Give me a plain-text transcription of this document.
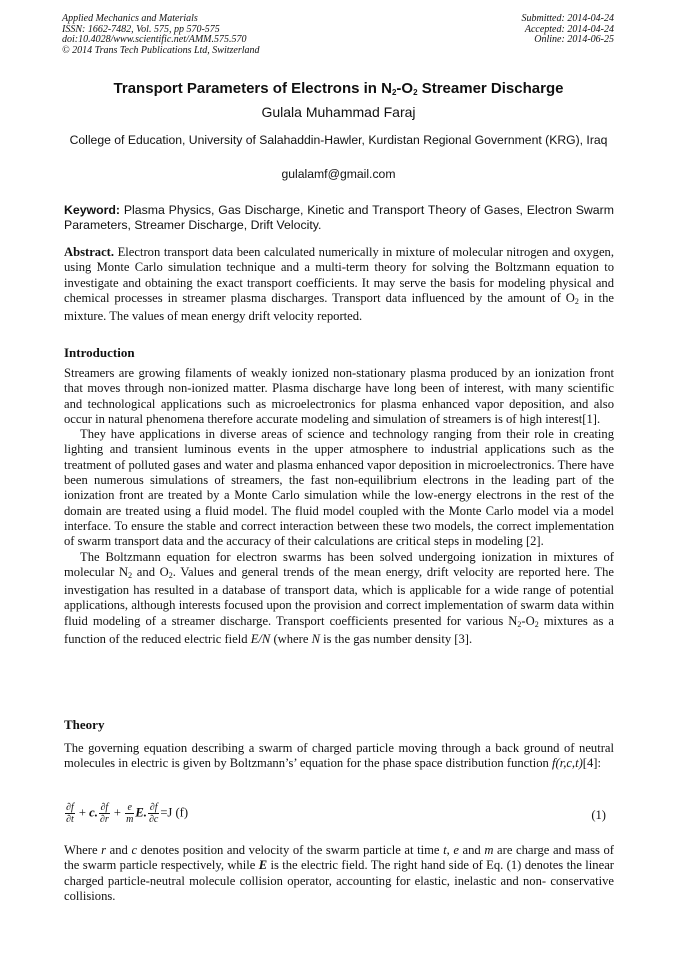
Applied Mechanics and Materials
ISSN: 1662-7482, Vol. 575, pp 570-575
doi:10.4028/www.scientific.net/AMM.575.570
© 2014 Trans Tech Publications Ltd, Switzerland
Submitted: 2014-04-24
Accepted: 2014-04-24
Online: 2014-06-25
Transport Parameters of Electrons in $N_2-O_2$ Streamer Discharge
Gulala Muhammad Faraj
College of Education, University of Salahaddin-Hawler, Kurdistan Regional Government (KRG), Iraq
gulalamf@gmail.com
Keyword: Plasma Physics, Gas Discharge, Kinetic and Transport Theory of Gases, Electron Swarm Parameters, Streamer Discharge, Drift Velocity.
Abstract. Electron transport data been calculated numerically in mixture of molecular nitrogen and oxygen, using Monte Carlo simulation technique and a multi-term theory for solving the Boltzmann equation to investigate and obtaining the exact transport coefficients. It may serve the basis for modeling physical and chemical processes in streamer plasma discharges. Transport data influenced by the amount of $O_2$ in the mixture. The values of mean energy drift velocity reported.
Introduction

Streamers are growing filaments of weakly ionized non-stationary plasma produced by an ionization front that moves through non-ionized matter. Plasma discharge have long been of interest, with many scientific and technological applications such as microelectronics for plasma enhanced vapor deposition, and also occur in natural phenomena therefore accurate modeling and simulation of streamers is of high interest[1].

They have applications in diverse areas of science and technology ranging from their role in creating lighting and transient luminous events in the upper atmosphere to industrial applications such as the treatment of polluted gases and water and plasma enhanced vapor deposition in microelectronics. There have been numerous simulations of streamers, the fast non-equilibrium electrons in the leading part of the ionization front are treated by a Monte Carlo simulation while the low-energy electrons in the rest of the domain are treated using a fluid model. The fluid model coupled with the Monte Carlo model via a model interface. To ensure the stable and correct interaction between these two models, the correct implementation of swarm transport data and the accuracy of their calculations are critical steps in modeling [2].

The Boltzmann equation for electron swarms has been solved undergoing ionization in mixtures of molecular $N_2$ and $O_2$. Values and general trends of the mean energy, drift velocity are reported here. The investigation has resulted in a database of transport data, which is applicable for a wide range of potential applications, although interests focused upon the provision and correct implementation of swarm data within fluid modeling of a streamer discharge. Transport coefficients presented for various $N_2-O_2$ mixtures as a function of the reduced electric field E/N (where N is the gas number density [3].

Theory

The governing equation describing a swarm of charged particle moving through a back ground of neutral molecules in electric is given by Boltzmann’s’ equation for the phase space distribution function f(r,c,t)[4]:

$\frac{\partial f}{\partial t} + c$. $\frac{\partial f}{\partial r} + \frac{e}{m} E$. $\frac{\partial f}{\partial c} =J$ (f)	(1)

Where r and c denotes position and velocity of the swarm particle at time t, e and m are charge and mass of the swarm particle respectively, while E is the electric field. The right hand side of Eq. (1) denotes the linear charged particle-neutral molecule collision operator, accounting for elastic, inelastic and non- conservative collisions.
